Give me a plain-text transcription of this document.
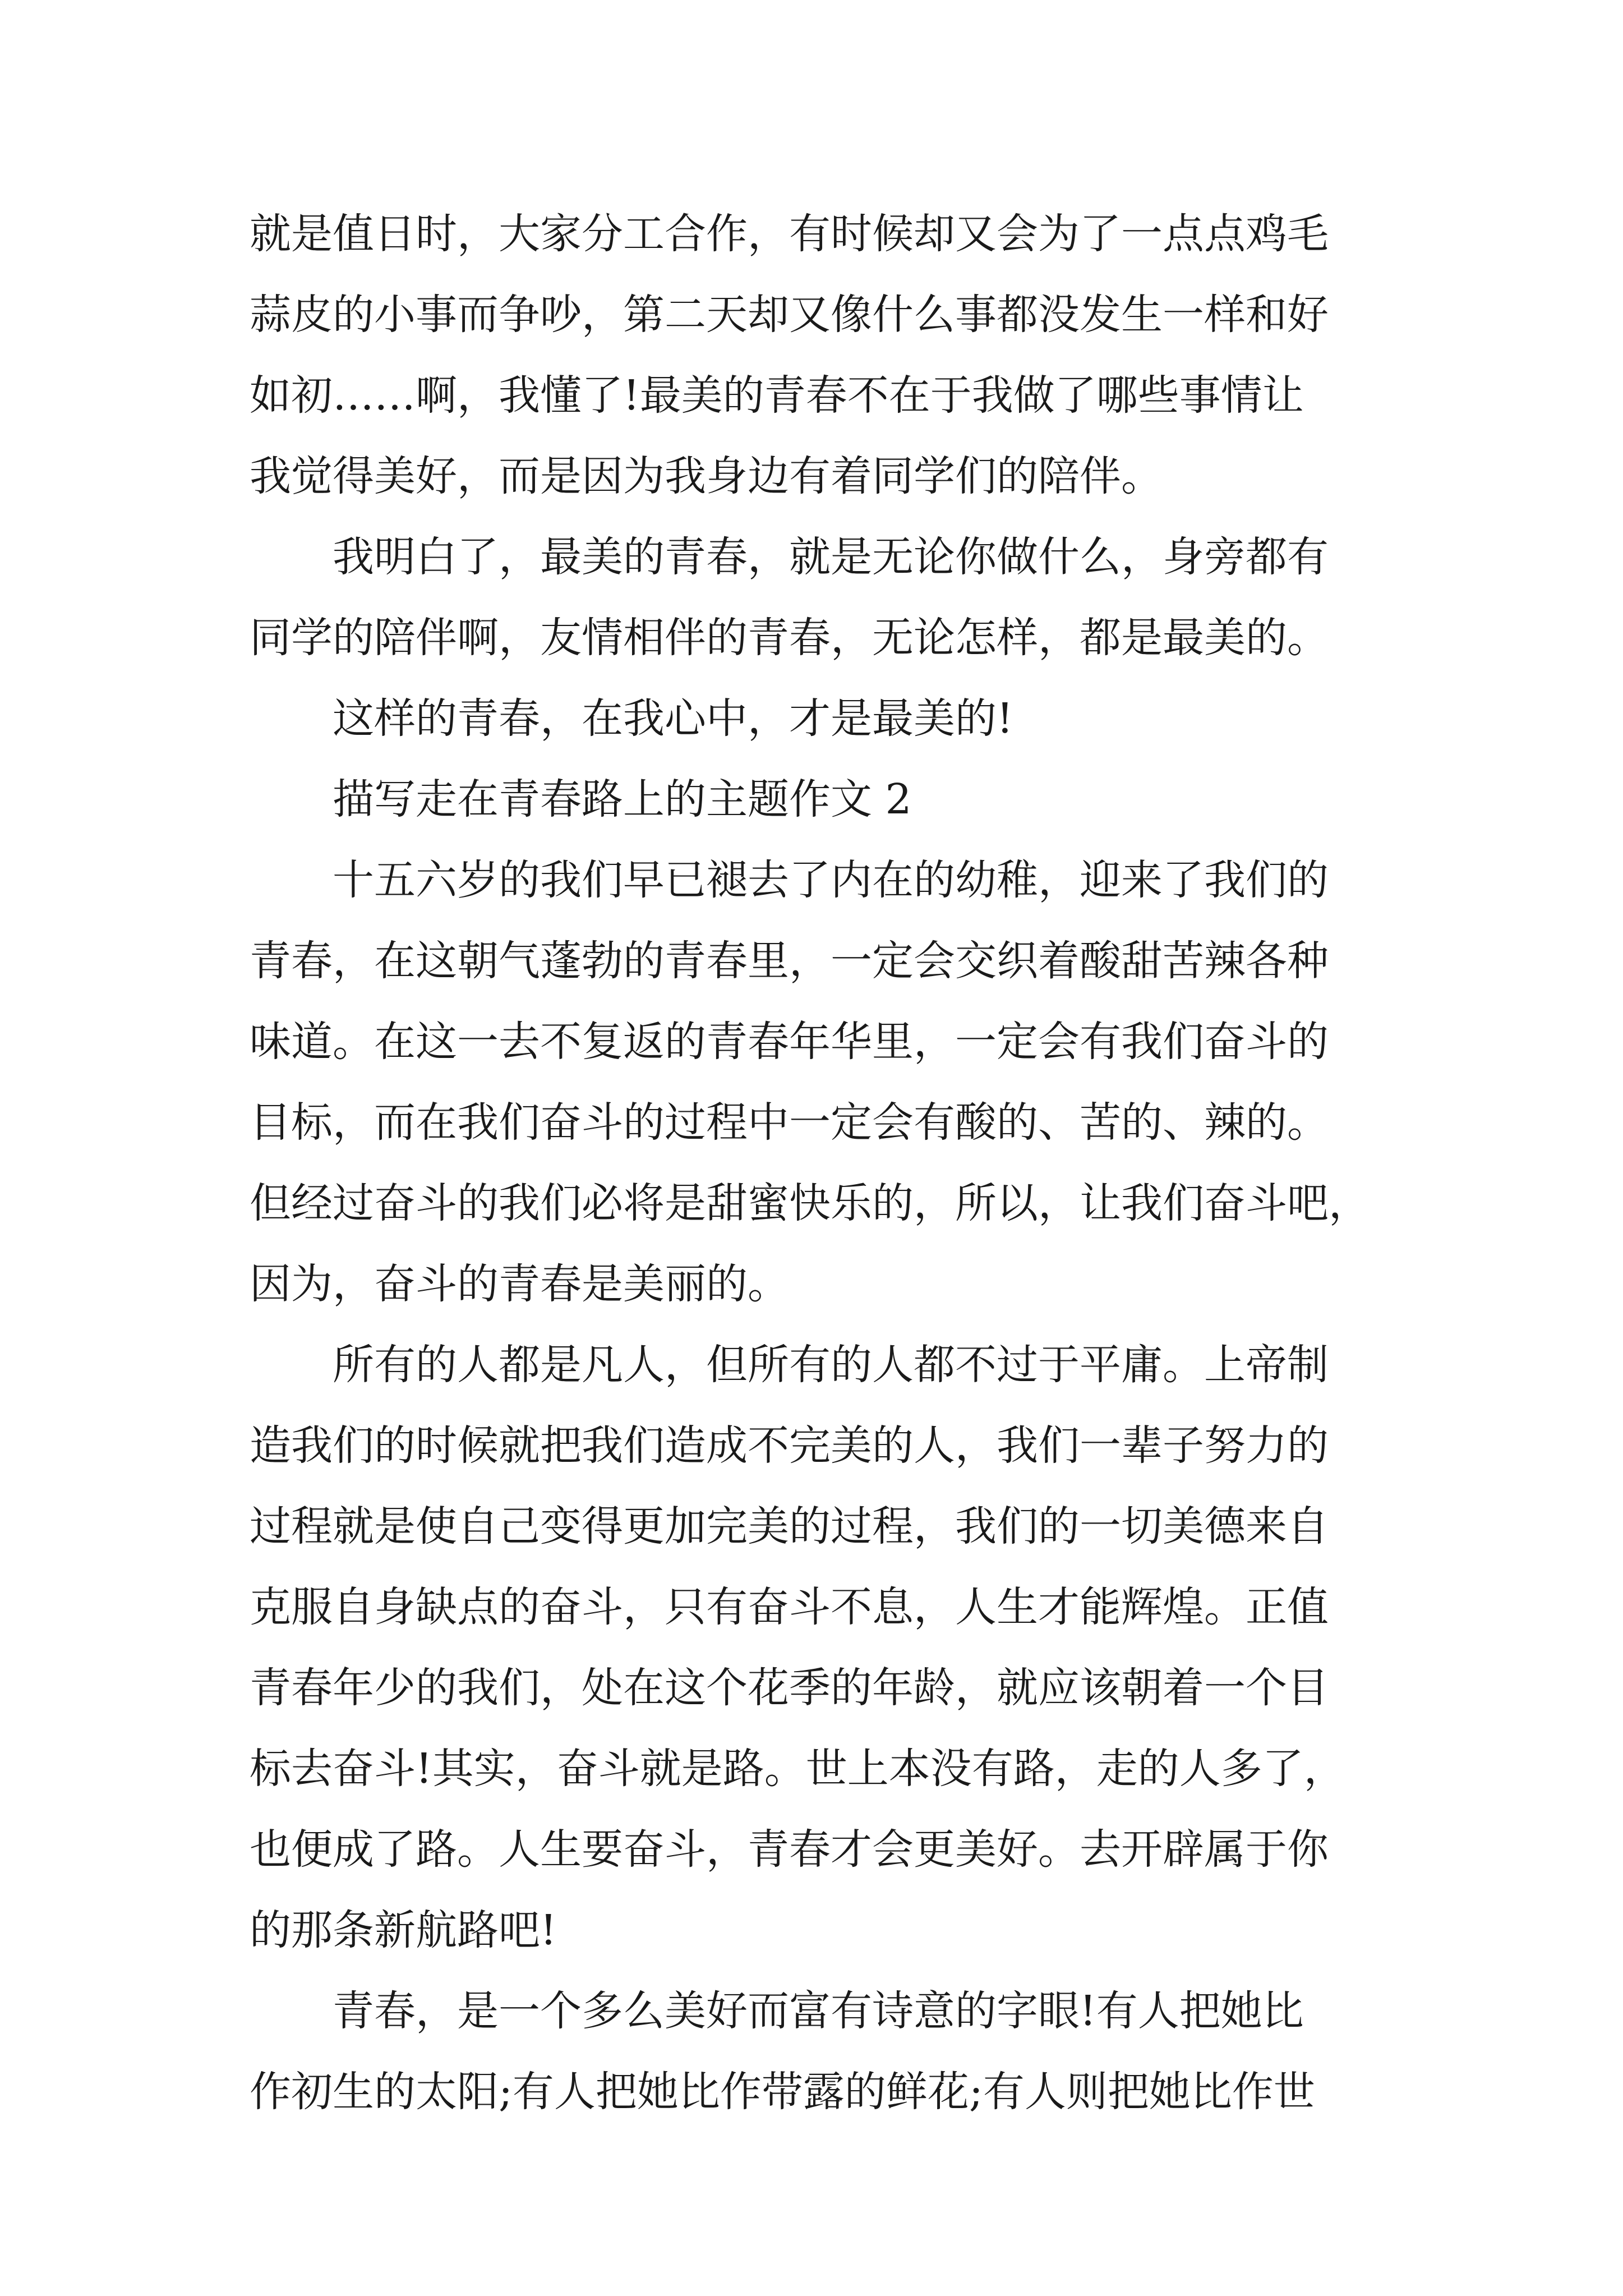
就是值日时，大家分工合作，有时候却又会为了一点点鸡毛
蒜皮的小事而争吵，第二天却又像什么事都没发生一样和好
如初……啊，我懂了!最美的青春不在于我做了哪些事情让
我觉得美好，而是因为我身边有着同学们的陪伴。
我明白了，最美的青春，就是无论你做什么，身旁都有
同学的陪伴啊，友情相伴的青春，无论怎样，都是最美的。
这样的青春，在我心中，才是最美的!
描写走在青春路上的主题作文 2
十五六岁的我们早已褪去了内在的幼稚，迎来了我们的
青春，在这朝气蓬勃的青春里，一定会交织着酸甜苦辣各种
味道。在这一去不复返的青春年华里，一定会有我们奋斗的
目标，而在我们奋斗的过程中一定会有酸的、苦的、辣的。
但经过奋斗的我们必将是甜蜜快乐的，所以，让我们奋斗吧，
因为，奋斗的青春是美丽的。
所有的人都是凡人，但所有的人都不过于平庸。上帝制
造我们的时候就把我们造成不完美的人，我们一辈子努力的
过程就是使自己变得更加完美的过程，我们的一切美德来自
克服自身缺点的奋斗，只有奋斗不息，人生才能辉煌。正值
青春年少的我们，处在这个花季的年龄，就应该朝着一个目
标去奋斗!其实，奋斗就是路。世上本没有路，走的人多了，
也便成了路。人生要奋斗，青春才会更美好。去开辟属于你
的那条新航路吧!
青春，是一个多么美好而富有诗意的字眼!有人把她比
作初生的太阳;有人把她比作带露的鲜花;有人则把她比作世
